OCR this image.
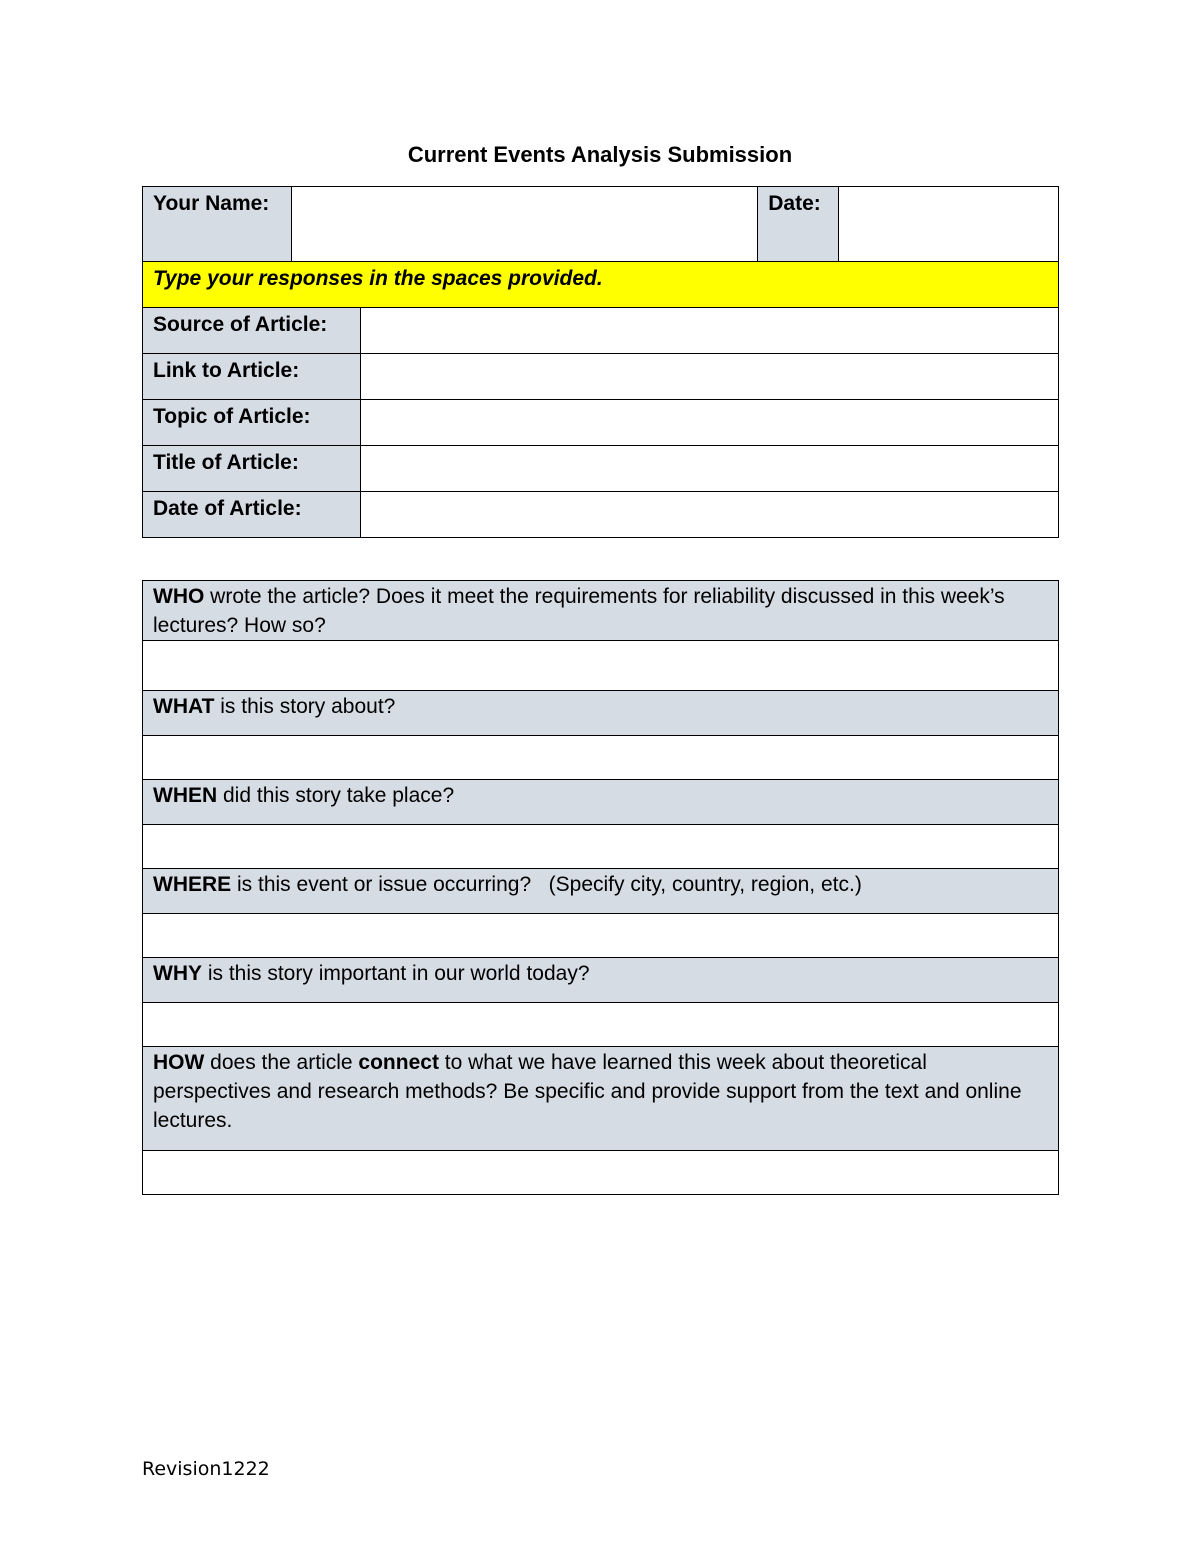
Current Events Analysis Submission
Your Name:			Date:	
Type your responses in the spaces provided.				
Source of Article:				
Link to Article:				
Topic of Article:				
Title of Article:				
Date of Article:				
WHO wrote the article? Does it meet the requirements for reliability discussed in this week’s lectures? How so?

WHAT is this story about?

WHEN did this story take place?

WHERE is this event or issue occurring?   (Specify city, country, region, etc.)

WHY is this story important in our world today?

HOW does the article connect to what we have learned this week about theoretical perspectives and research methods? Be specific and provide support from the text and online lectures.

Revision1222
